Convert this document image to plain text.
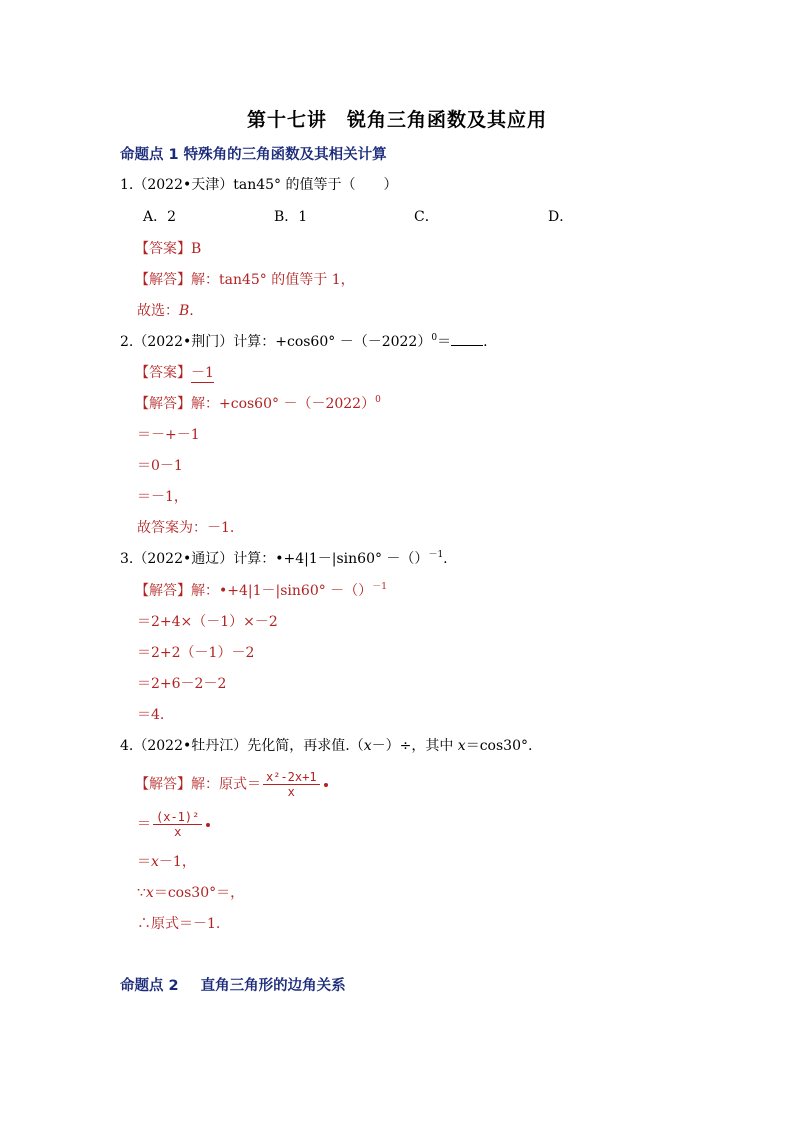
第十七讲　锐角三角函数及其应用
命题点 1 特殊角的三角函数及其相关计算
1.（2022•天津）tan45° 的值等于（　　）
A．2	B．1	C．	D．
【答案】B
【解答】解：tan45° 的值等于 1，
故选：B.
2.（2022•荆门）计算：$+\cos 60^\circ -(-2022)^0=$ .
【答案】－1
【解答】解：$+\cos 60^\circ -(-2022)^0$
＝－+－1
＝0－1
＝－1，
故答案为：－1.
3.（2022•通辽）计算：•+4|1－|sin60° －（）$^{-1}$.
【解答】解：•+4|1－|sin60° －（）$^{-1}$
＝2+4×（－1）×－2
＝2+2（－1）－2
＝2+6－2－2
＝4.
4.（2022•牡丹江）先化简，再求值.（x－）÷，其中 x＝cos30°.
【解答】解：原式＝ $\frac{\text{x²-2x+1}}{x}$
＝ $\frac{\text{(x-1)²}}{x}$
＝x－1，
∵x＝cos30°＝，
∴原式＝－1.
命题点 2 直角三角形的边角关系
